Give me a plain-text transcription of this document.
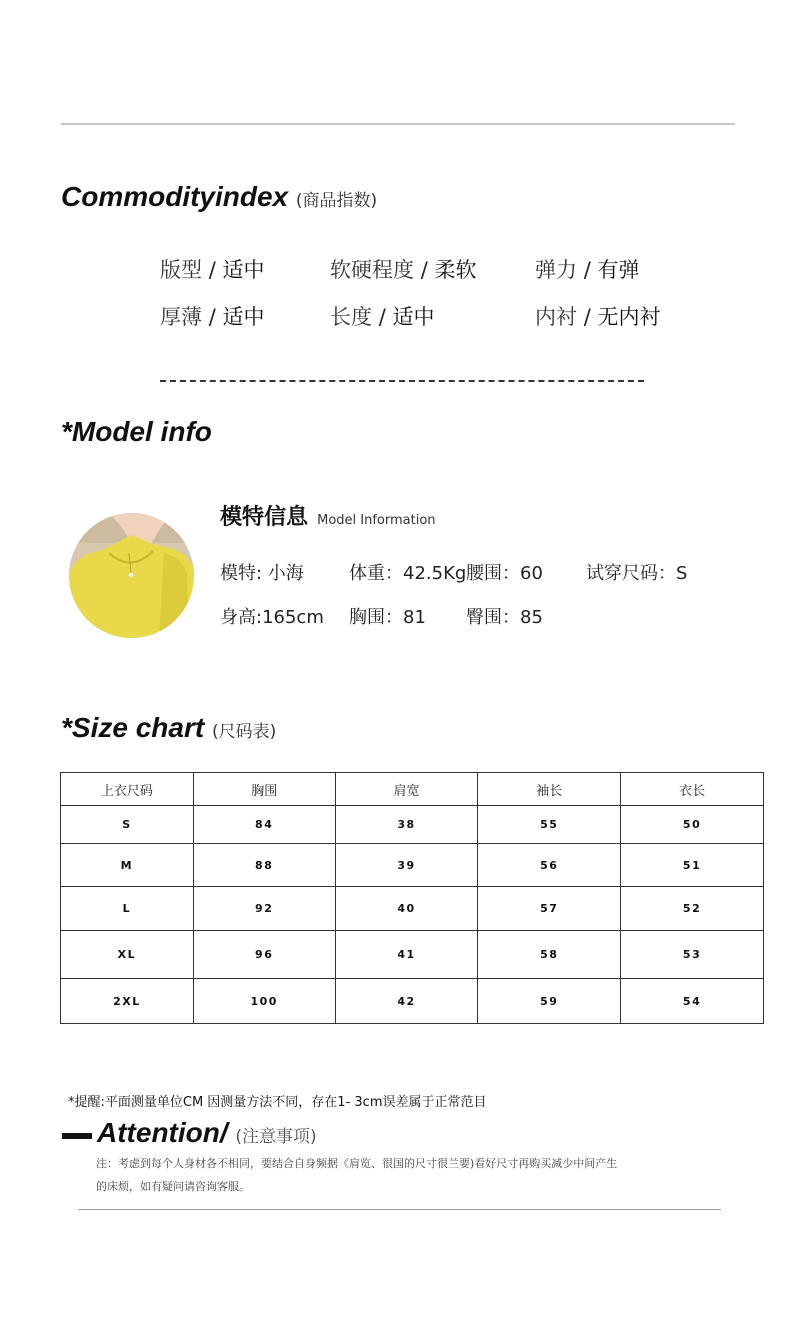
Commodityindex (商品指数)
版型 / 适中	软硬程度 / 柔软	弹力 / 有弹
厚薄 / 适中	长度 / 适中	内衬 / 无内衬
*Model info
模特信息 Model Information
模特: 小海	体重：42.5Kg 腰围：60 试穿尺码：S
身高:165cm 胸围：81 臀围：85
*Size chart (尺码表)
上衣尺码	胸围	肩宽	袖长	衣长
S	84	38	55	50
M	88	39	56	51
L	92	40	57	52
XL	96	41	58	53
2XL	100	42	59	54
*提醒:平面测量单位CM 因测量方法不同，存在1- 3cm误差属于正常范目
Attention/ (注意事项)
注：考虑到每个人身材各不相同，要结合自身频据《肩览、很国的尺寸很兰要)看好尺寸再购买减少中间产生
的床烦，如有疑问请咨询客服。
